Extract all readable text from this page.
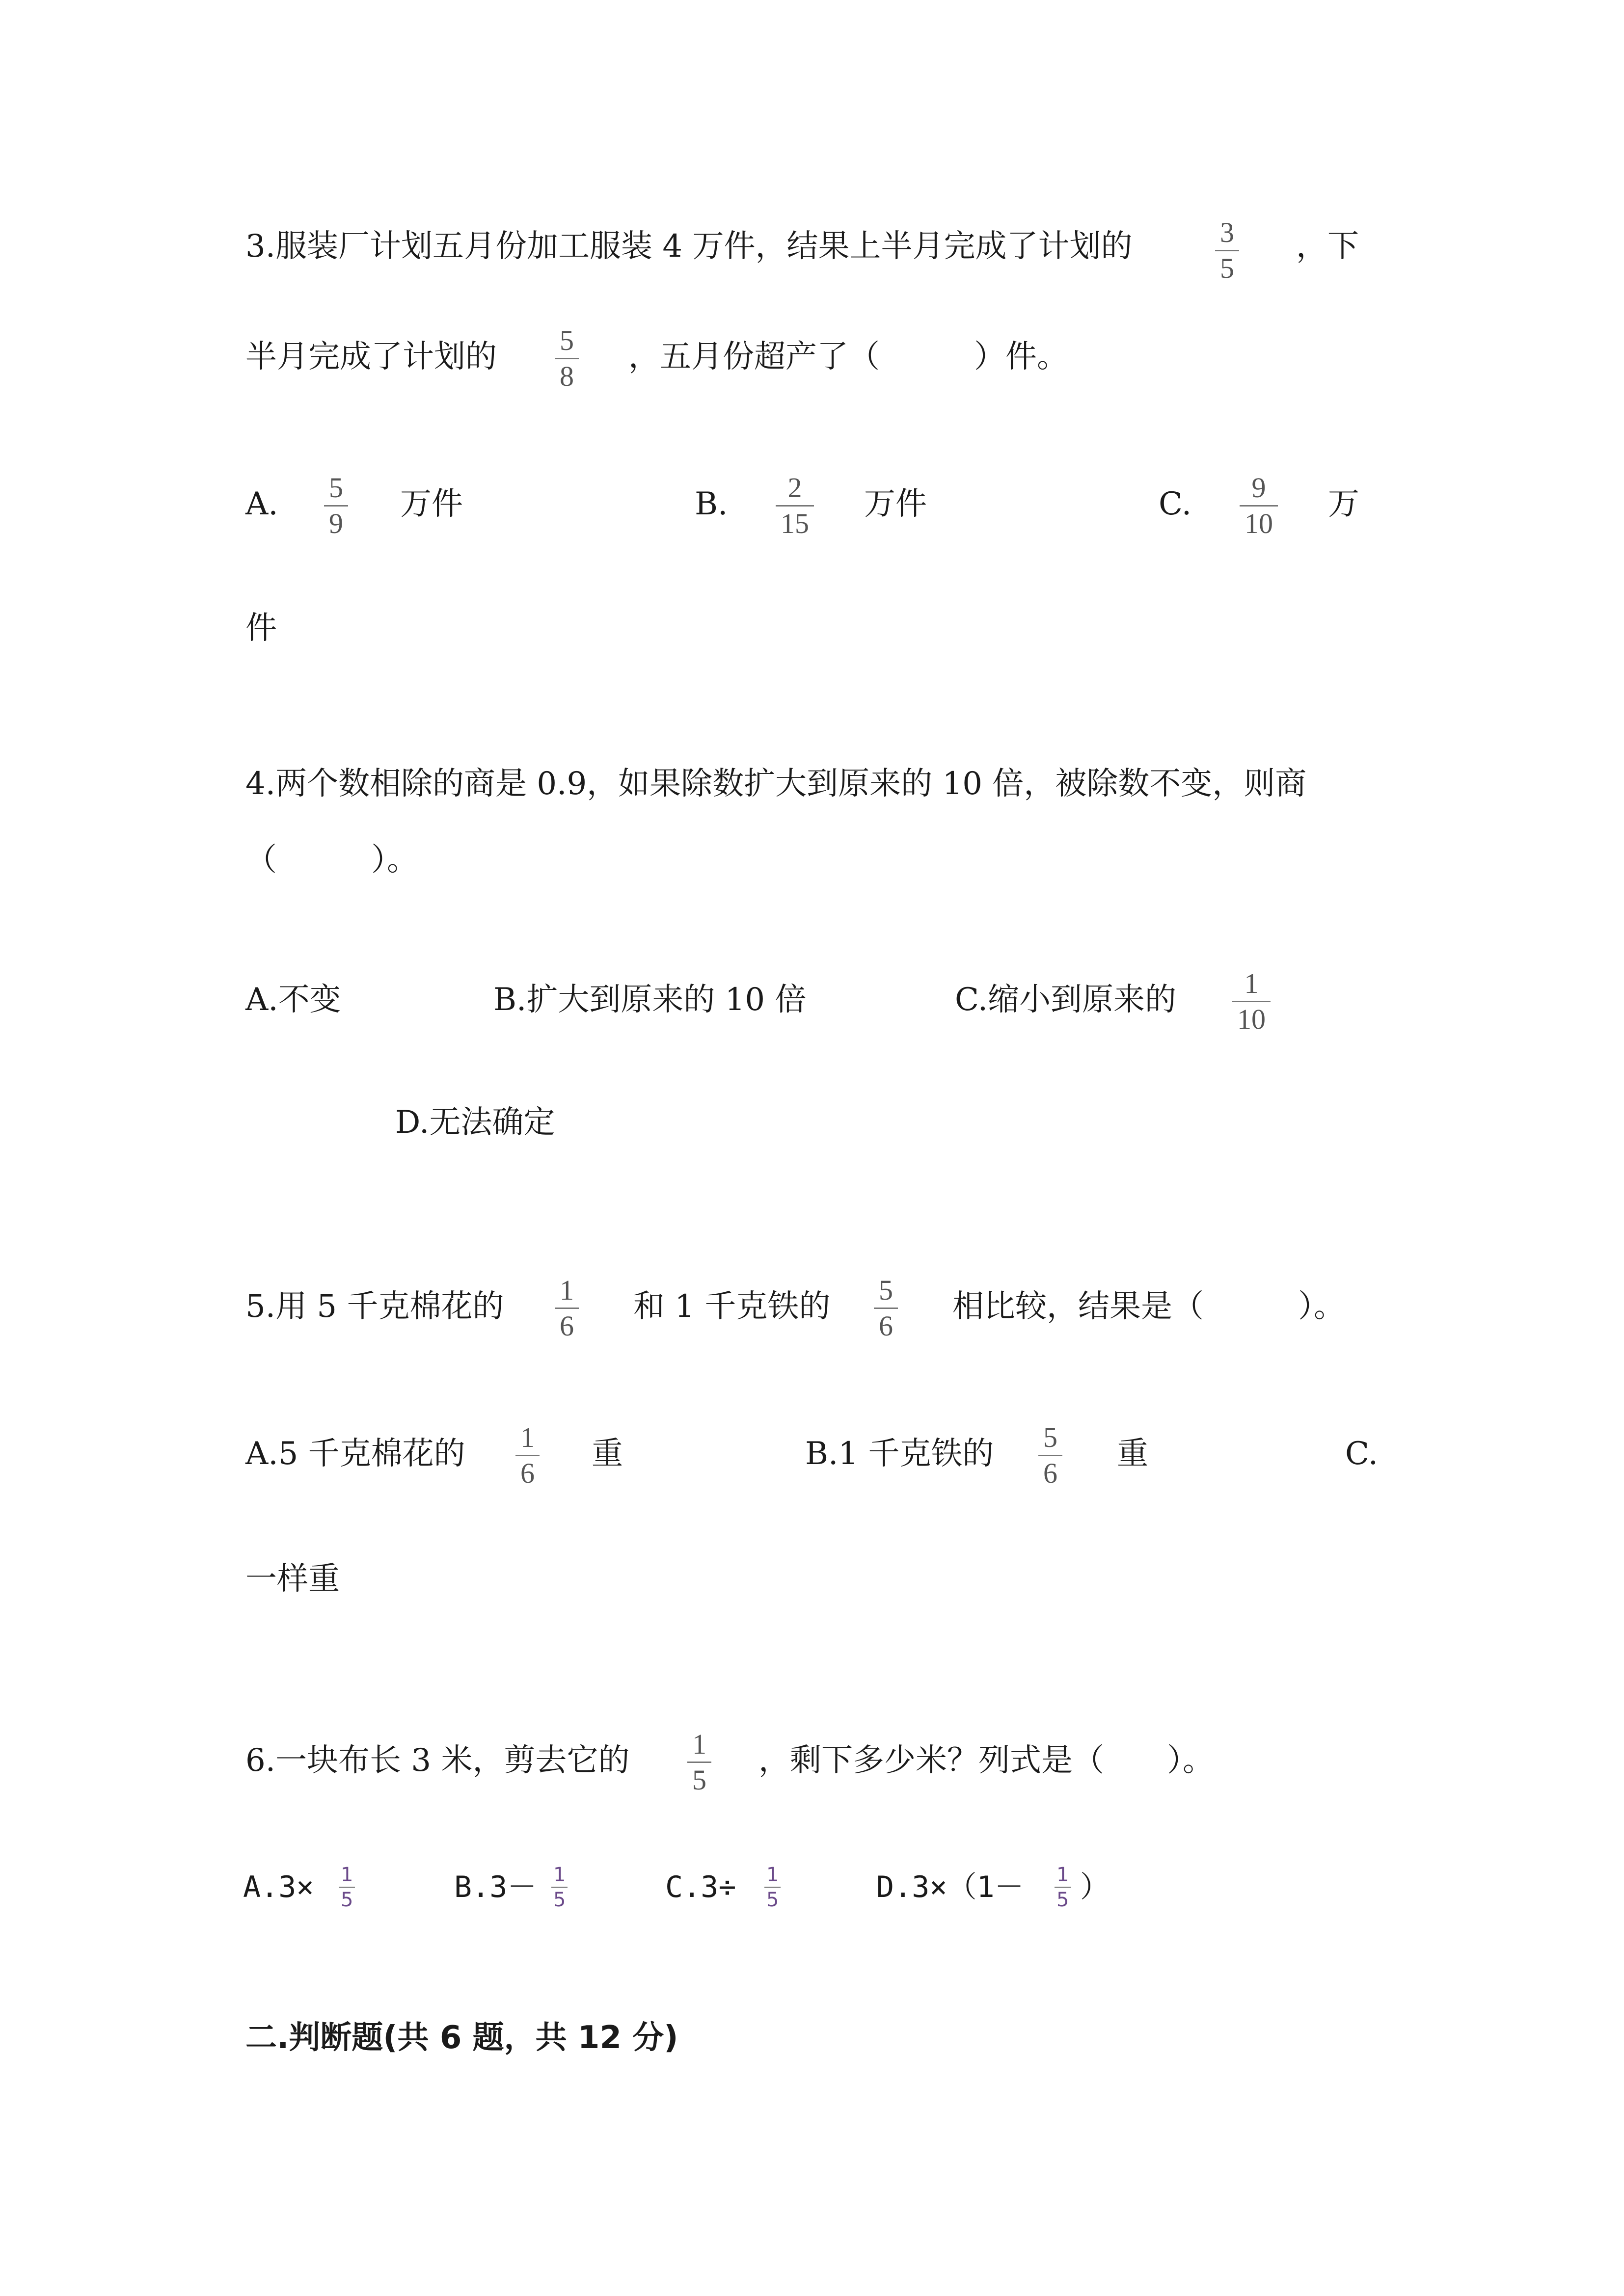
3.服装厂计划五月份加工服装 4 万件，结果上半月完成了计划的	3
5
，下
半月完成了计划的 5
8
，五月份超产了（　　　）件。
A. 5
9
万件	B. 2
15
万件	C. 9
10
万
件
4.两个数相除的商是 0.9，如果除数扩大到原来的 10 倍，被除数不变，则商
（　　　）。
A.不变	B.扩大到原来的 10 倍	C.缩小到原来的 1
10
D.无法确定
5.用 5 千克棉花的 1
6
和 1 千克铁的 5
6
相比较，结果是（　　　）。
A.5 千克棉花的 1
6
重	B.1 千克铁的 5
6
重	C.
一样重
6.一块布长 3 米，剪去它的 1
5
，剩下多少米？列式是（　　）。
A.3× 1
5	B.3－ 1
5	C.3÷ 1
5	D.3×（1－ 1
5 ）
二.判断题(共 6 题，共 12 分)
